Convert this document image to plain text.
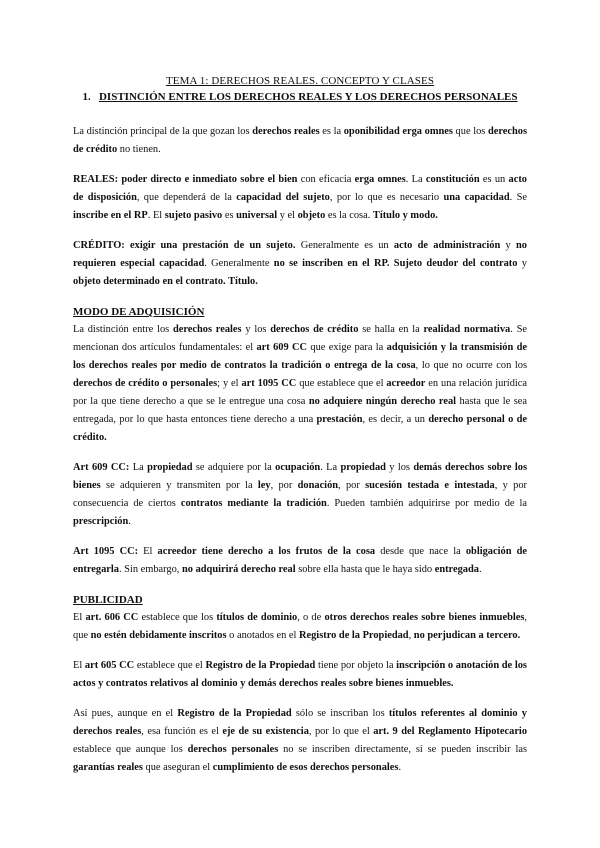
TEMA 1: DERECHOS REALES. CONCEPTO Y CLASES

1. DISTINCIÓN ENTRE LOS DERECHOS REALES Y LOS DERECHOS PERSONALES

La distinción principal de la que gozan los derechos reales es la oponibilidad erga omnes que los derechos de crédito no tienen.

REALES: poder directo e inmediato sobre el bien con eficacia erga omnes. La constitución es un acto de disposición, que dependerá de la capacidad del sujeto, por lo que es necesario una capacidad. Se inscribe en el RP. El sujeto pasivo es universal y el objeto es la cosa. Título y modo.

CRÉDITO: exigir una prestación de un sujeto. Generalmente es un acto de administración y no requieren especial capacidad. Generalmente no se inscriben en el RP. Sujeto deudor del contrato y objeto determinado en el contrato. Título.

MODO DE ADQUISICIÓN

La distinción entre los derechos reales y los derechos de crédito se halla en la realidad normativa. Se mencionan dos artículos fundamentales: el art 609 CC que exige para la adquisición y la transmisión de los derechos reales por medio de contratos la tradición o entrega de la cosa, lo que no ocurre con los derechos de crédito o personales; y el art 1095 CC que establece que el acreedor en una relación jurídica por la que tiene derecho a que se le entregue una cosa no adquiere ningún derecho real hasta que le sea entregada, por lo que hasta entonces tiene derecho a una prestación, es decir, a un derecho personal o de crédito.

Art 609 CC: La propiedad se adquiere por la ocupación. La propiedad y los demás derechos sobre los bienes se adquieren y transmiten por la ley, por donación, por sucesión testada e intestada, y por consecuencia de ciertos contratos mediante la tradición. Pueden también adquirirse por medio de la prescripción.

Art 1095 CC: El acreedor tiene derecho a los frutos de la cosa desde que nace la obligación de entregarla. Sin embargo, no adquirirá derecho real sobre ella hasta que le haya sido entregada.

PUBLICIDAD

El art. 606 CC establece que los títulos de dominio, o de otros derechos reales sobre bienes inmuebles, que no estén debidamente inscritos o anotados en el Registro de la Propiedad, no perjudican a tercero.

El art 605 CC establece que el Registro de la Propiedad tiene por objeto la inscripción o anotación de los actos y contratos relativos al dominio y demás derechos reales sobre bienes inmuebles.

Así pues, aunque en el Registro de la Propiedad sólo se inscriban los títulos referentes al dominio y derechos reales, esa función es el eje de su existencia, por lo que el art. 9 del Reglamento Hipotecario establece que aunque los derechos personales no se inscriben directamente, sí se pueden inscribir las garantías reales que aseguran el cumplimiento de esos derechos personales.
